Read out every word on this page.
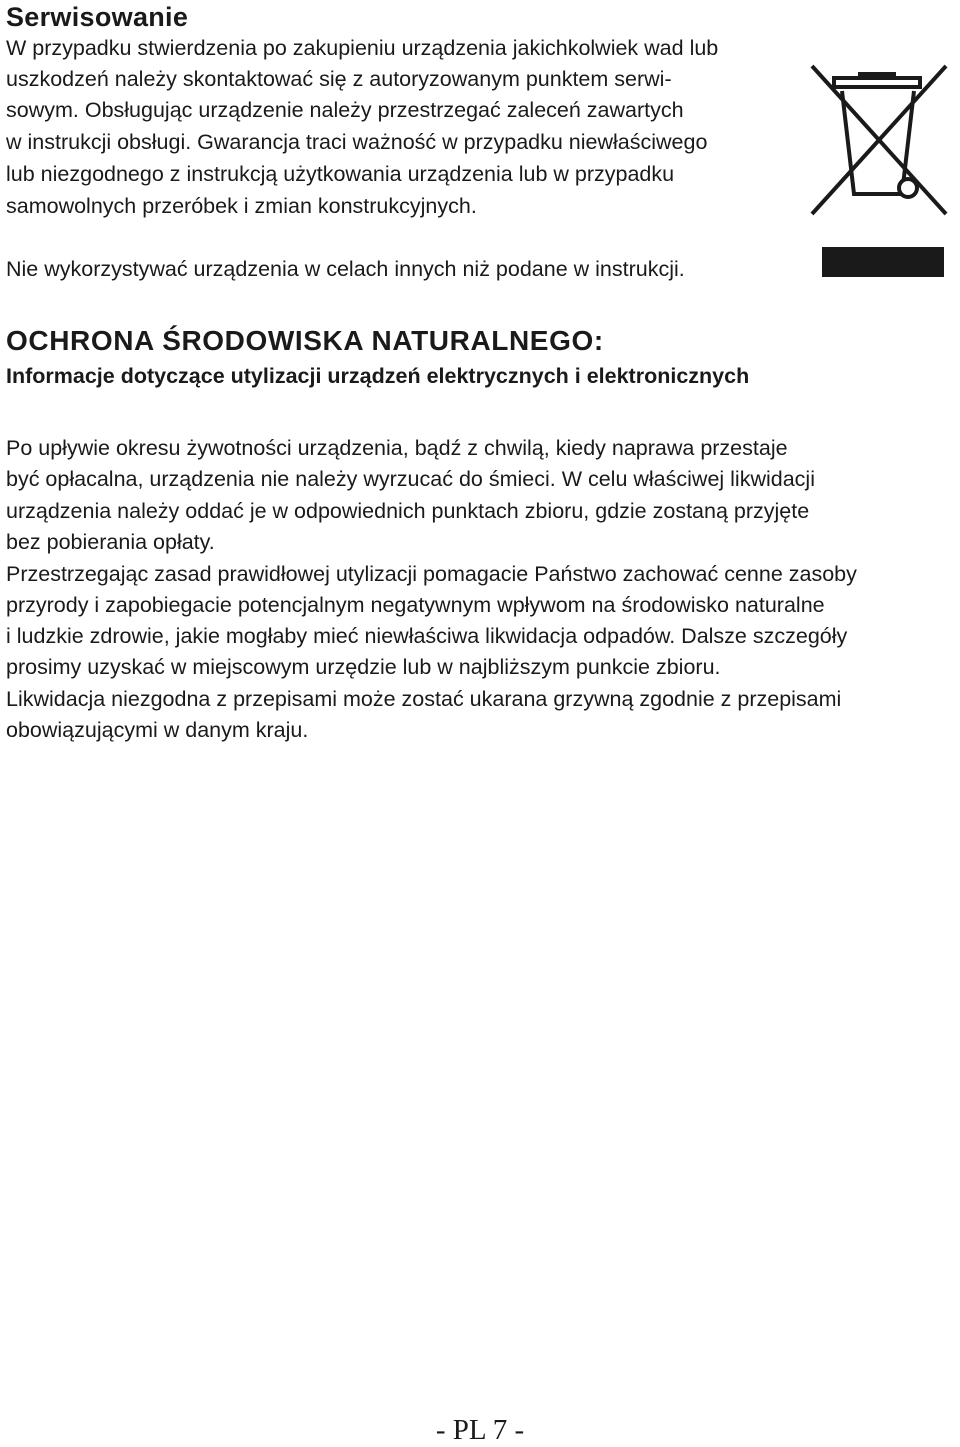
Serwisowanie
W przypadku stwierdzenia po zakupieniu urządzenia jakichkolwiek wad lub
uszkodzeń należy skontaktować się z autoryzowanym punktem serwi-
sowym. Obsługując urządzenie należy przestrzegać zaleceń zawartych
w instrukcji obsługi. Gwarancja traci ważność w przypadku niewłaściwego
lub niezgodnego z instrukcją użytkowania urządzenia lub w przypadku
samowolnych przeróbek i zmian konstrukcyjnych.
Nie wykorzystywać urządzenia w celach innych niż podane w instrukcji.
OCHRONA ŚRODOWISKA NATURALNEGO:
Informacje dotyczące utylizacji urządzeń elektrycznych i elektronicznych
Po upływie okresu żywotności urządzenia, bądź z chwilą, kiedy naprawa przestaje
być opłacalna, urządzenia nie należy wyrzucać do śmieci. W celu właściwej likwidacji
urządzenia należy oddać je w odpowiednich punktach zbioru, gdzie zostaną przyjęte
bez pobierania opłaty.
Przestrzegając zasad prawidłowej utylizacji pomagacie Państwo zachować cenne zasoby
przyrody i zapobiegacie potencjalnym negatywnym wpływom na środowisko naturalne
i ludzkie zdrowie, jakie mogłaby mieć niewłaściwa likwidacja odpadów. Dalsze szczegóły
prosimy uzyskać w miejscowym urzędzie lub w najbliższym punkcie zbioru.
Likwidacja niezgodna z przepisami może zostać ukarana grzywną zgodnie z przepisami
obowiązującymi w danym kraju.
- PL 7 -
